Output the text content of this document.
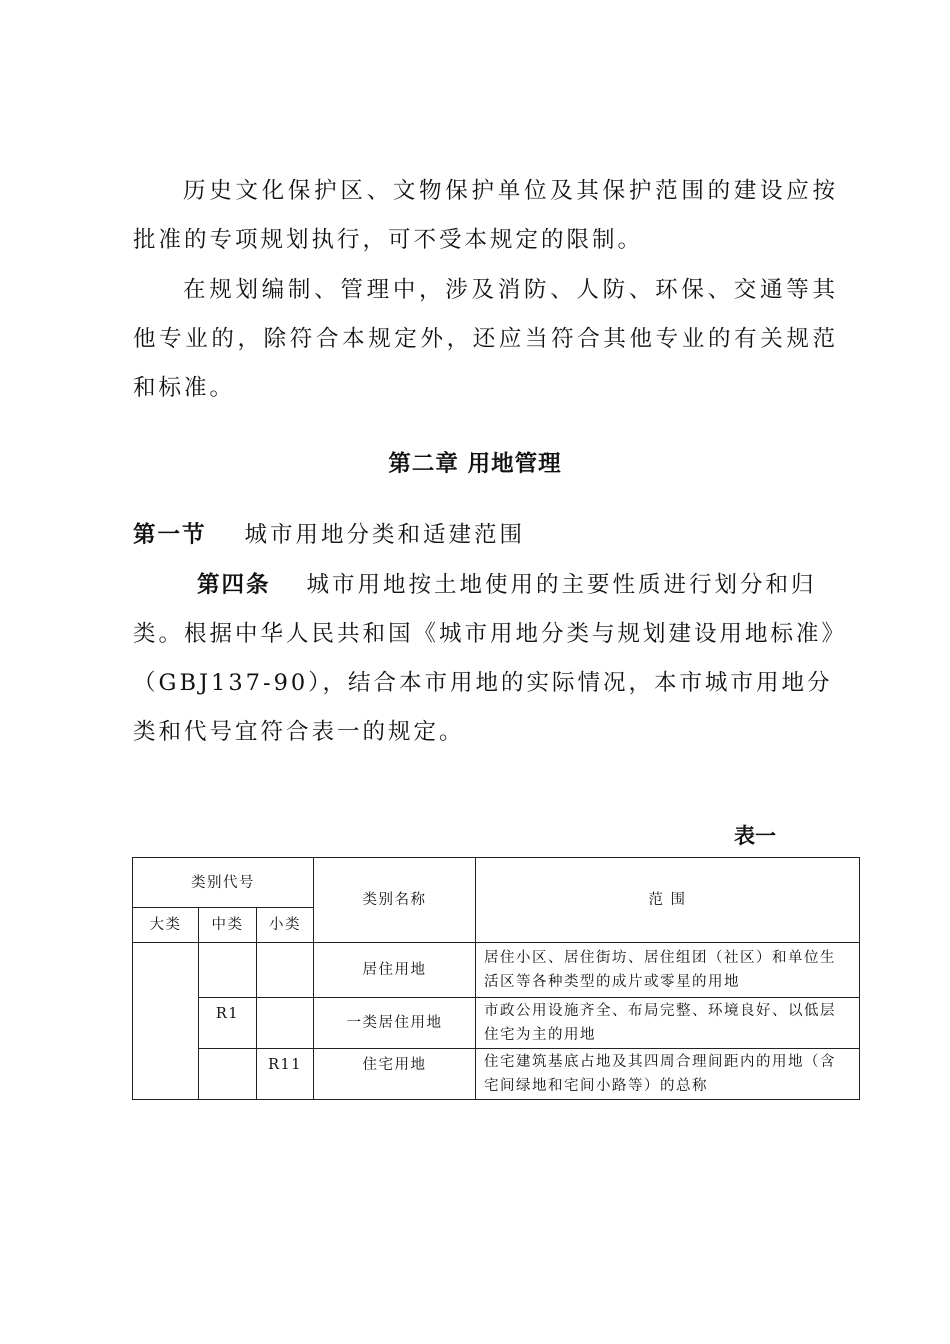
历史文化保护区、文物保护单位及其保护范围的建设应按批准的专项规划执行，可不受本规定的限制。

在规划编制、管理中，涉及消防、人防、环保、交通等其他专业的，除符合本规定外，还应当符合其他专业的有关规范和标准。

第二章 用地管理
第一节 城市用地分类和适建范围

第四条 城市用地按土地使用的主要性质进行划分和归类。根据中华人民共和国《城市用地分类与规划建设用地标准》（GBJ137-90），结合本市用地的实际情况，本市城市用地分类和代号宜符合表一的规定。

表一
类别代号			类别名称	范 围
大类	中类	小类		
			居住用地	居住小区、居住街坊、居住组团（社区）和单位生活区等各种类型的成片或零星的用地
	R1		一类居住用地	市政公用设施齐全、布局完整、环境良好、以低层住宅为主的用地
		R11	住宅用地	住宅建筑基底占地及其四周合理间距内的用地（含宅间绿地和宅间小路等）的总称
